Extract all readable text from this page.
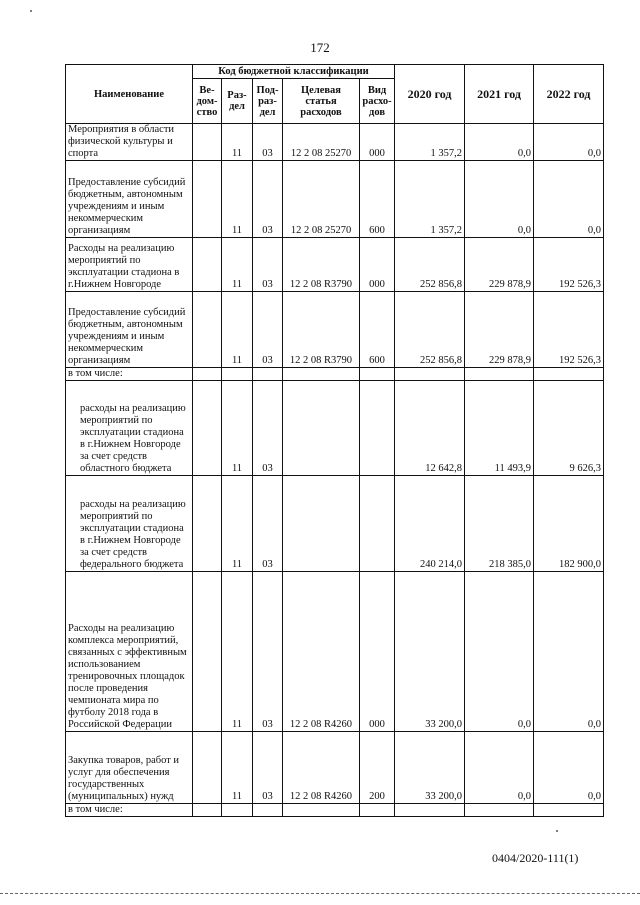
172
Наименование	Код бюджетной классификации					2020 год	2021 год	2022 год
	Ве-
дом-
ство	Раз-
дел	Под-
раз-
дел	Целевая
статья
расходов	Вид
расхо-
дов			
Мероприятия в области физической культуры и спорта		11	03	12 2 08 25270	000	1 357,2	0,0	0,0
Предоставление субсидий бюджетным, автономным учреждениям и иным некоммерческим организациям		11	03	12 2 08 25270	600	1 357,2	0,0	0,0
Расходы на реализацию мероприятий по эксплуатации стадиона в г.Нижнем Новгороде		11	03	12 2 08 R3790	000	252 856,8	229 878,9	192 526,3
Предоставление субсидий бюджетным, автономным учреждениям и иным некоммерческим организациям		11	03	12 2 08 R3790	600	252 856,8	229 878,9	192 526,3
в том числе:								
расходы на реализацию мероприятий по эксплуатации стадиона в г.Нижнем Новгороде за счет средств областного бюджета		11	03			12 642,8	11 493,9	9 626,3
расходы на реализацию мероприятий по эксплуатации стадиона в г.Нижнем Новгороде за счет средств федерального бюджета		11	03			240 214,0	218 385,0	182 900,0
Расходы на реализацию комплекса мероприятий, связанных с эффективным использованием тренировочных площадок после проведения чемпионата мира по футболу 2018 года в Российской Федерации		11	03	12 2 08 R4260	000	33 200,0	0,0	0,0
Закупка товаров, работ и услуг для обеспечения государственных (муниципальных) нужд		11	03	12 2 08 R4260	200	33 200,0	0,0	0,0
в том числе:								
0404/2020-111(1)
